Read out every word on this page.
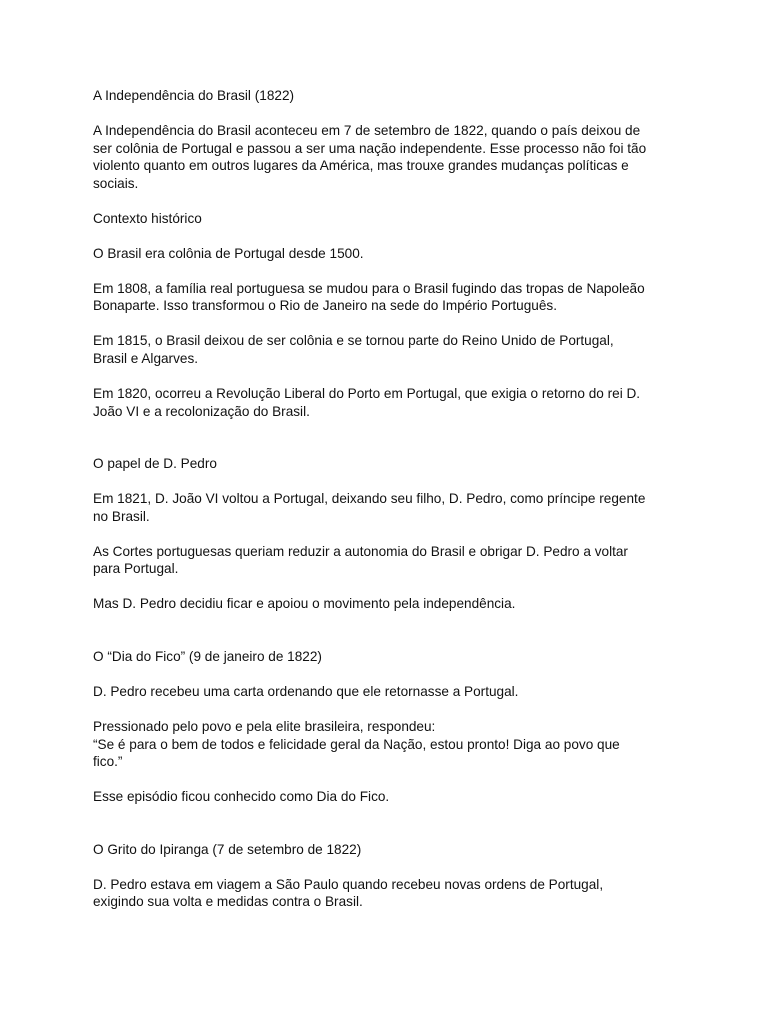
A Independência do Brasil (1822)

A Independência do Brasil aconteceu em 7 de setembro de 1822, quando o país deixou de
ser colônia de Portugal e passou a ser uma nação independente. Esse processo não foi tão
violento quanto em outros lugares da América, mas trouxe grandes mudanças políticas e
sociais.

Contexto histórico

O Brasil era colônia de Portugal desde 1500.

Em 1808, a família real portuguesa se mudou para o Brasil fugindo das tropas de Napoleão
Bonaparte. Isso transformou o Rio de Janeiro na sede do Império Português.

Em 1815, o Brasil deixou de ser colônia e se tornou parte do Reino Unido de Portugal,
Brasil e Algarves.

Em 1820, ocorreu a Revolução Liberal do Porto em Portugal, que exigia o retorno do rei D.
João VI e a recolonização do Brasil.

O papel de D. Pedro

Em 1821, D. João VI voltou a Portugal, deixando seu filho, D. Pedro, como príncipe regente
no Brasil.

As Cortes portuguesas queriam reduzir a autonomia do Brasil e obrigar D. Pedro a voltar
para Portugal.

Mas D. Pedro decidiu ficar e apoiou o movimento pela independência.

O “Dia do Fico” (9 de janeiro de 1822)

D. Pedro recebeu uma carta ordenando que ele retornasse a Portugal.

Pressionado pelo povo e pela elite brasileira, respondeu:
“Se é para o bem de todos e felicidade geral da Nação, estou pronto! Diga ao povo que
fico.”

Esse episódio ficou conhecido como Dia do Fico.

O Grito do Ipiranga (7 de setembro de 1822)

D. Pedro estava em viagem a São Paulo quando recebeu novas ordens de Portugal,
exigindo sua volta e medidas contra o Brasil.
